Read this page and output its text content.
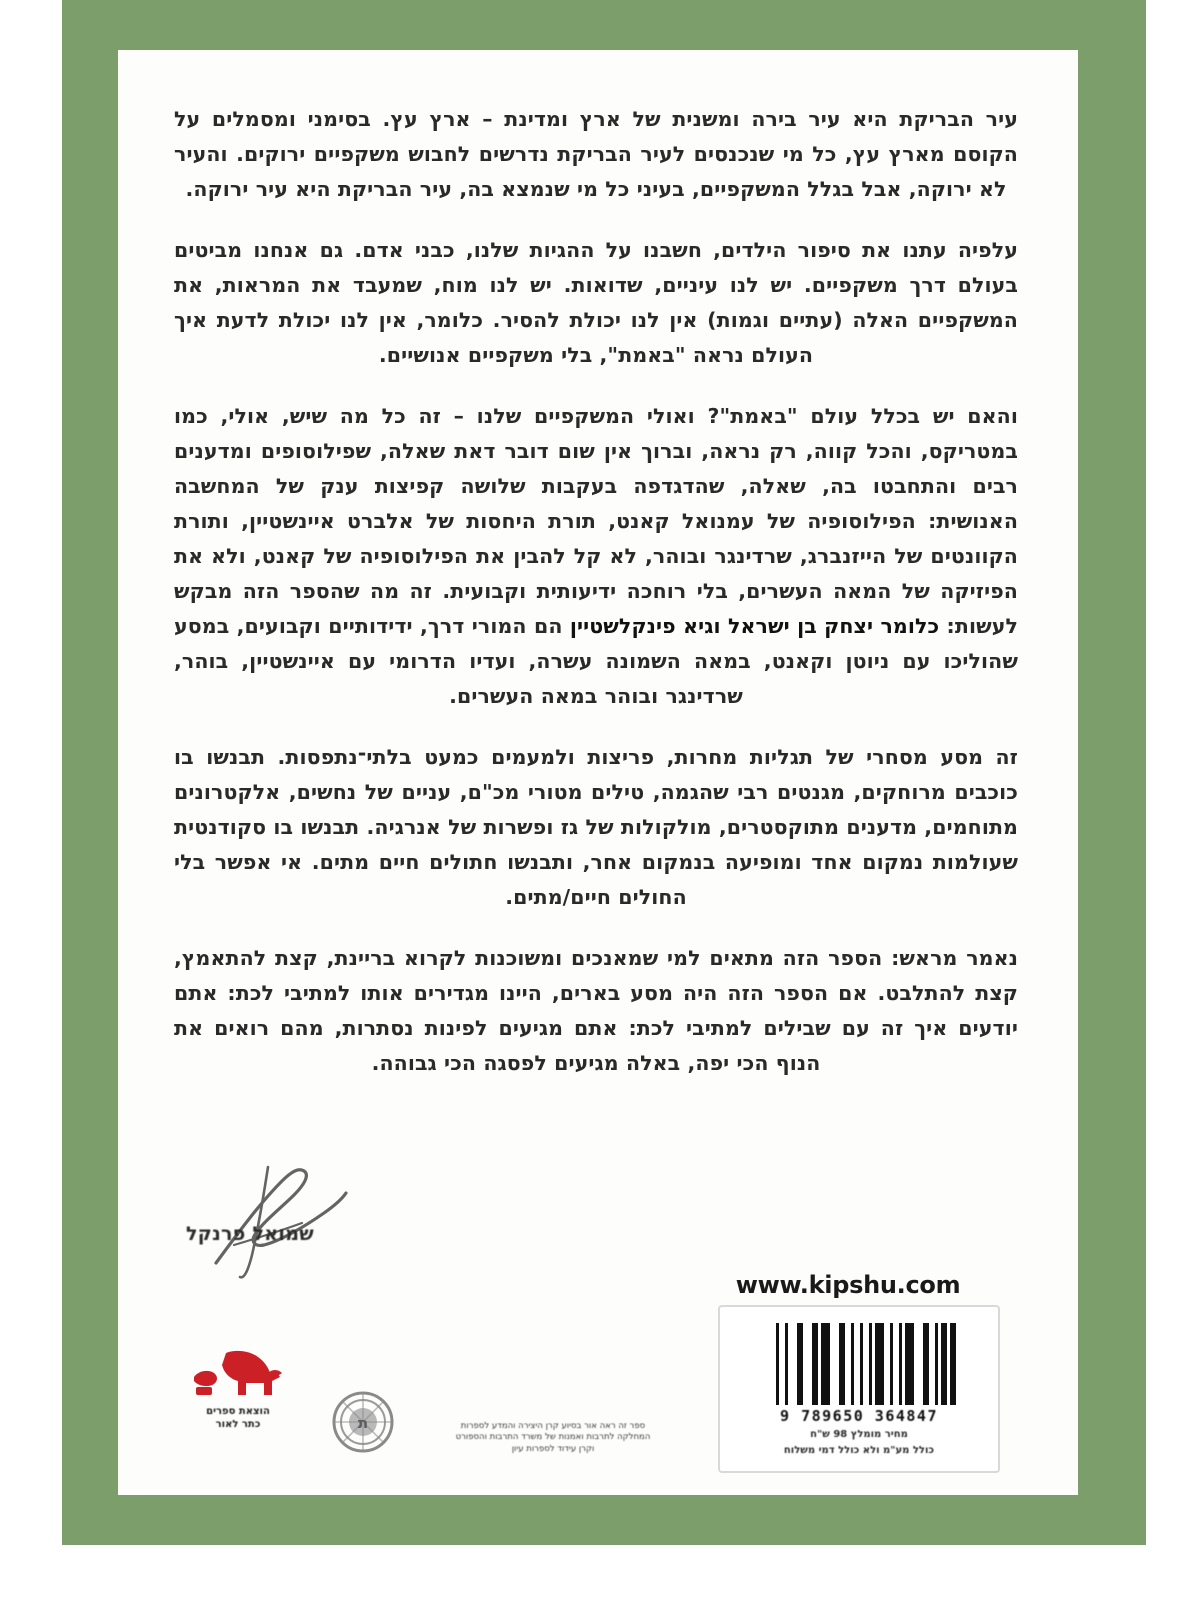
עיר הבריקת היא עיר בירה ומשנית של ארץ ומדינת – ארץ עץ. בסימני ומסמלים על הקוסם מארץ עץ, כל מי שנכנסים לעיר הבריקת נדרשים לחבוש משקפיים ירוקים. והעיר לא ירוקה, אבל בגלל המשקפיים, בעיני כל מי שנמצא בה, עיר הבריקת היא עיר ירוקה.

עלפיה עתנו את סיפור הילדים, חשבנו על ההגיות שלנו, כבני אדם. גם אנחנו מביטים בעולם דרך משקפיים. יש לנו עיניים, שדואות. יש לנו מוח, שמעבד את המראות, את המשקפיים האלה (עתיים וגמות) אין לנו יכולת להסיר. כלומר, אין לנו יכולת לדעת איך העולם נראה "באמת", בלי משקפיים אנושיים.

והאם יש בכלל עולם "באמת"? ואולי המשקפיים שלנו – זה כל מה שיש, אולי, כמו במטריקס, והכל קווה, רק נראה, וברוך אין שום דובר דאת שאלה, שפילוסופים ומדענים רבים והתחבטו בה, שאלה, שהדגדפה בעקבות שלושה קפיצות ענק של המחשבה האנושית: הפילוסופיה של עמנואל קאנט, תורת היחסות של אלברט איינשטיין, ותורת הקוונטים של הייזנברג, שרדינגר ובוהר, לא קל להבין את הפילוסופיה של קאנט, ולא את הפיזיקה של המאה העשרים, בלי רוחכה ידיעותית וקבועית. זה מה שהספר הזה מבקש לעשות: כלומר יצחק בן ישראל וגיא פינקלשטיין הם המורי דרך, ידידותיים וקבועים, במסע שהוליכו עם ניוטן וקאנט, במאה השמונה עשרה, ועדיו הדרומי עם איינשטיין, בוהר, שרדינגר ובוהר במאה העשרים.

זה מסע מסחרי של תגליות מחרות, פריצות ולמעמים כמעט בלתי־נתפסות. תבנשו בו כוכבים מרוחקים, מגנטים רבי שהגמה, טילים מטורי מכ"ם, עניים של נחשים, אלקטרונים מתוחמים, מדענים מתוקסטרים, מולקולות של גז ופשרות של אנרגיה. תבנשו בו סקודנטית שעולמות נמקום אחד ומופיעה בנמקום אחר, ותבנשו חתולים חיים מתים. אי אפשר בלי החולים חיים/מתים.

נאמר מראש: הספר הזה מתאים למי שמאנכים ומשוכנות לקרוא בריינת, קצת להתאמץ, קצת להתלבט. אם הספר הזה היה מסע בארים, היינו מגדירים אותו למתיבי לכת: אתם יודעים איך זה עם שבילים למתיבי לכת: אתם מגיעים לפינות נסתרות, מהם רואים את הנוף הכי יפה, באלה מגיעים לפסגה הכי גבוהה.

שמואל פרנקל
הוצאת ספרים
כתר לאור	ת	ספר זה ראה אור בסיוע קרן היצירה והמדע לספרות
המחלקה לתרבות ואמנות של משרד התרבות והספורט
וקרן עידוד לספרות עיון
www.kipshu.com
9 789650 364847
מחיר מומלץ 98 ש"ח
כולל מע"מ ולא כולל דמי משלוח
